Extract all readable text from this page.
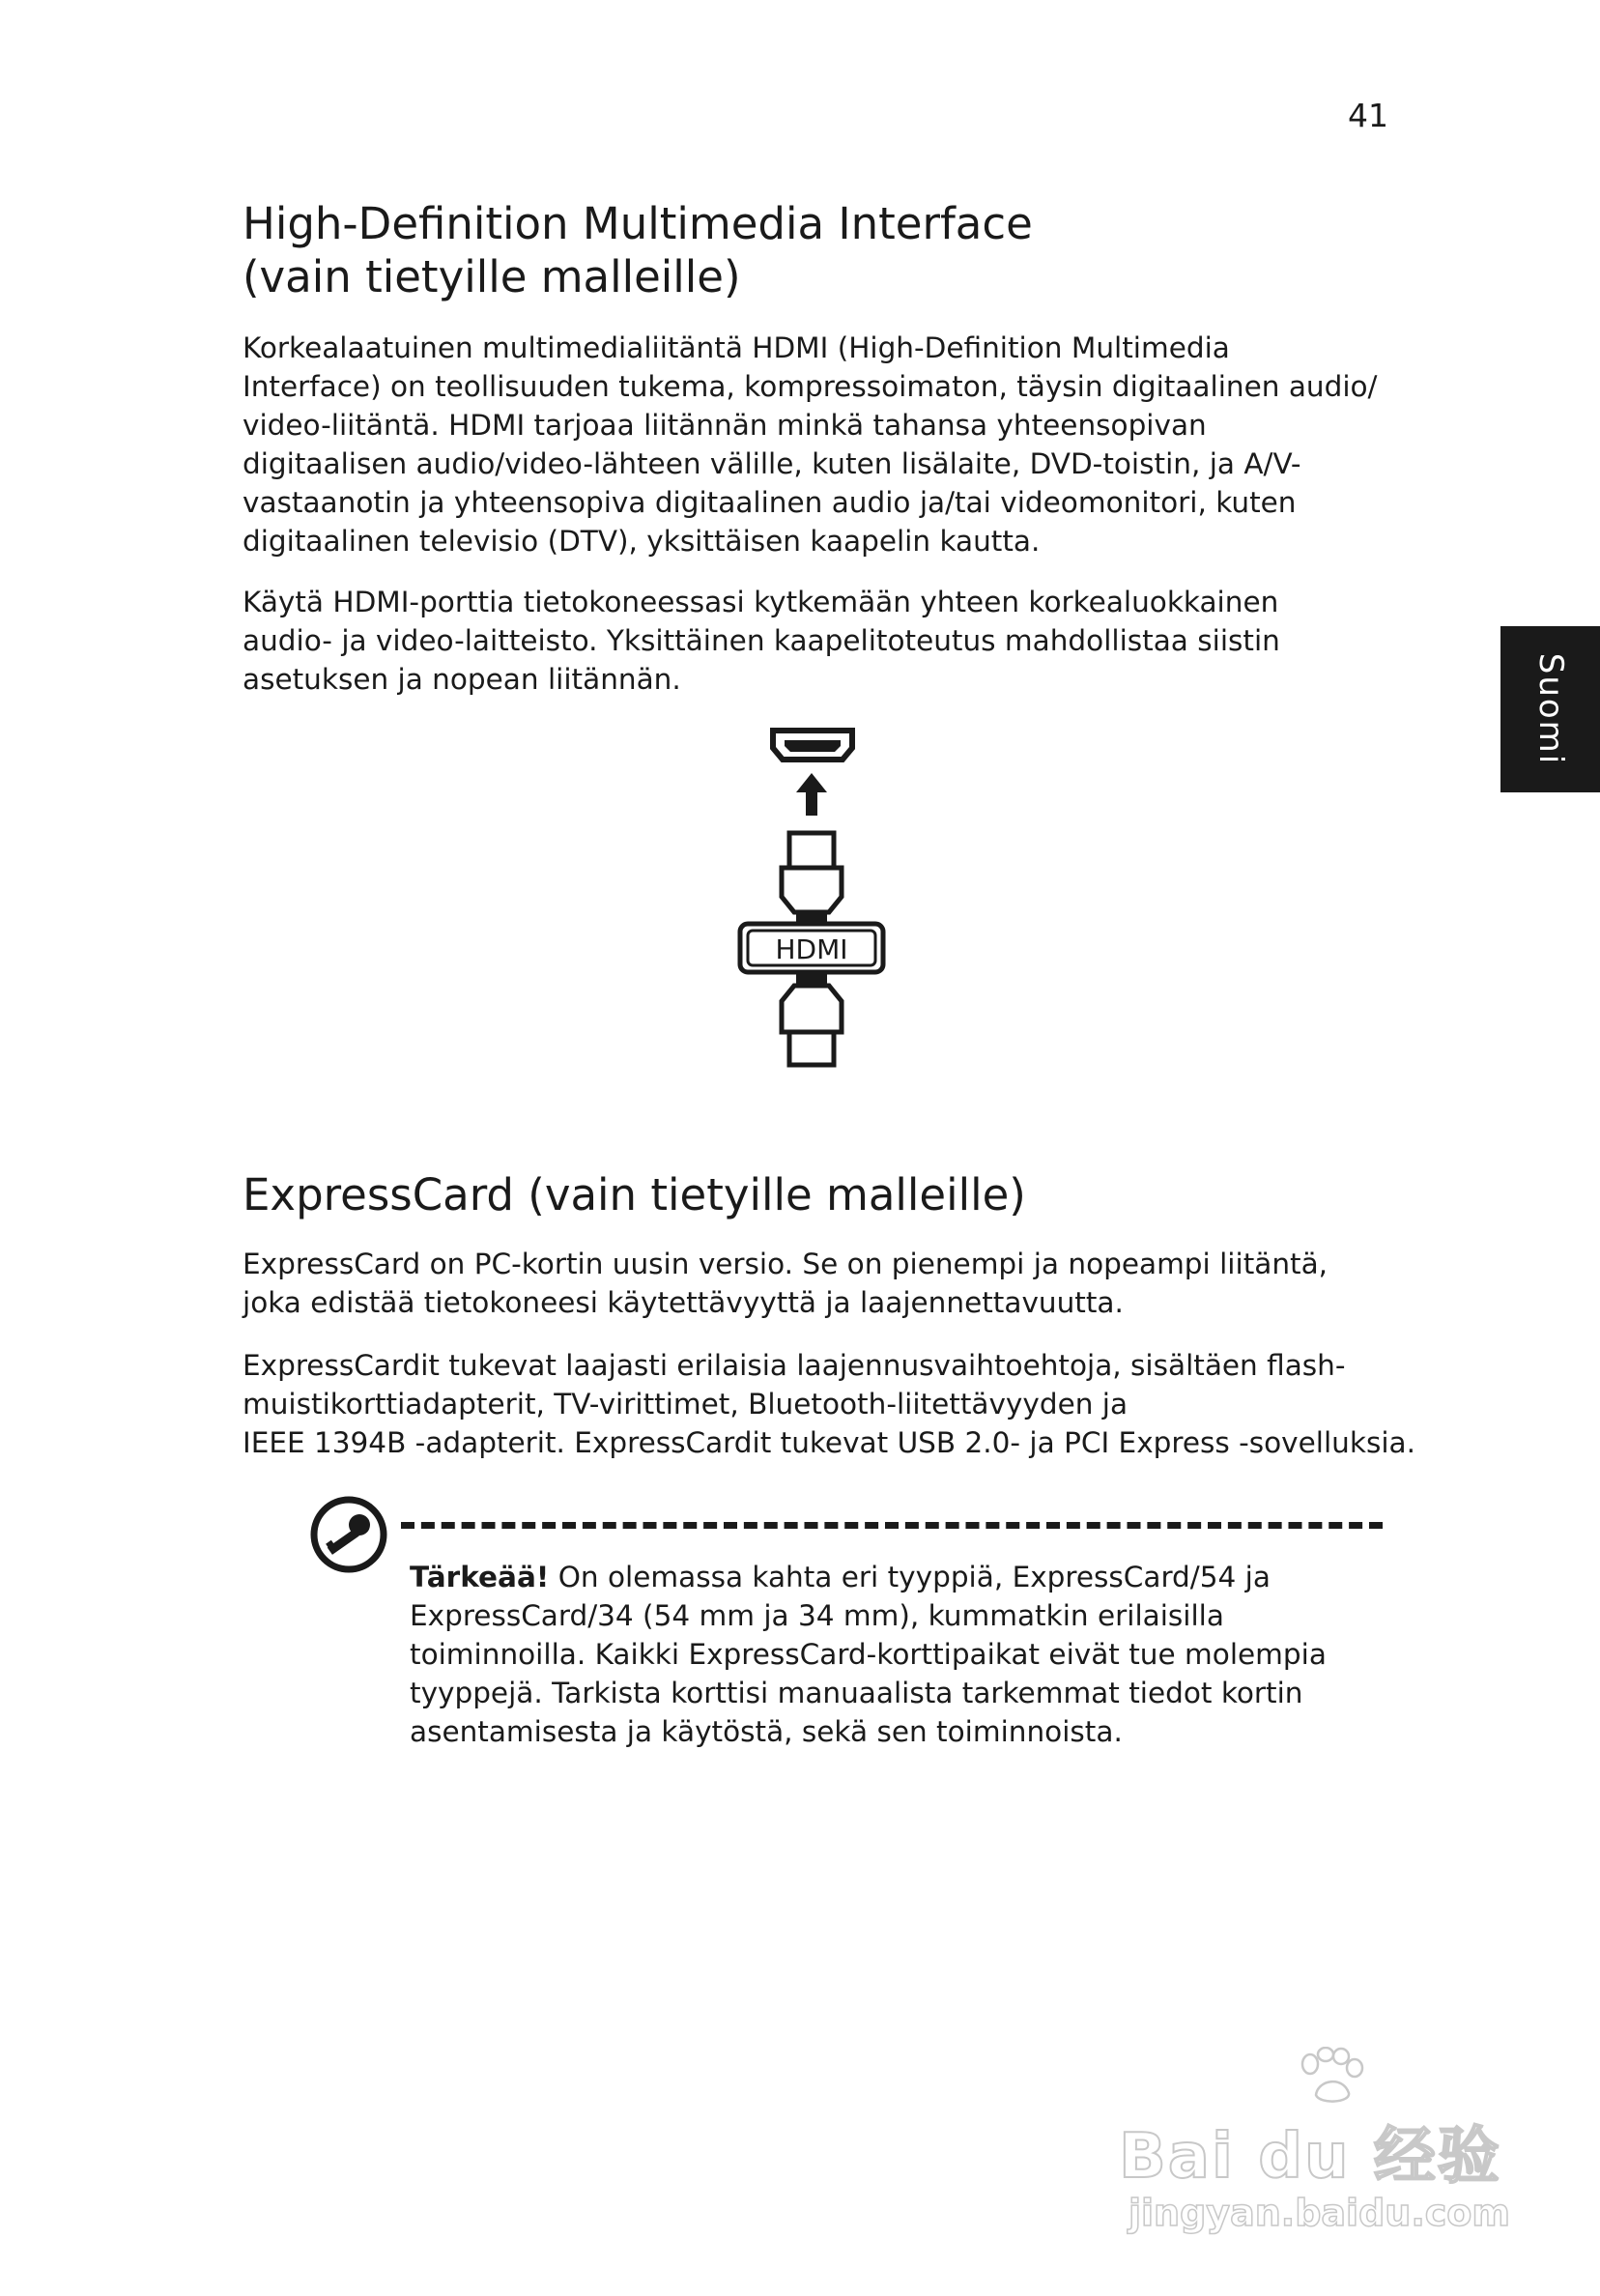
41
Suomi
High-Definition Multimedia Interface
(vain tietyille malleille)

Korkealaatuinen multimedialiitäntä HDMI (High-Definition Multimedia
Interface) on teollisuuden tukema, kompressoimaton, täysin digitaalinen audio/
video-liitäntä. HDMI tarjoaa liitännän minkä tahansa yhteensopivan
digitaalisen audio/video-lähteen välille, kuten lisälaite, DVD-toistin, ja A/V-
vastaanotin ja yhteensopiva digitaalinen audio ja/tai videomonitori, kuten
digitaalinen televisio (DTV), yksittäisen kaapelin kautta.

Käytä HDMI-porttia tietokoneessasi kytkemään yhteen korkealuokkainen
audio- ja video-laitteisto. Yksittäinen kaapelitoteutus mahdollistaa siistin
asetuksen ja nopean liitännän.

HDMI
ExpressCard (vain tietyille malleille)

ExpressCard on PC-kortin uusin versio. Se on pienempi ja nopeampi liitäntä,
joka edistää tietokoneesi käytettävyyttä ja laajennettavuutta.

ExpressCardit tukevat laajasti erilaisia laajennusvaihtoehtoja, sisältäen flash-
muistikorttiadapterit, TV-virittimet, Bluetooth-liitettävyyden ja
IEEE 1394B -adapterit. ExpressCardit tukevat USB 2.0- ja PCI Express -sovelluksia.

Tärkeää! On olemassa kahta eri tyyppiä, ExpressCard/54 ja
ExpressCard/34 (54 mm ja 34 mm), kummatkin erilaisilla
toiminnoilla. Kaikki ExpressCard-korttipaikat eivät tue molempia
tyyppejä. Tarkista korttisi manuaalista tarkemmat tiedot kortin
asentamisesta ja käytöstä, sekä sen toiminnoista.
Bai du 经验
jingyan.baidu.com
